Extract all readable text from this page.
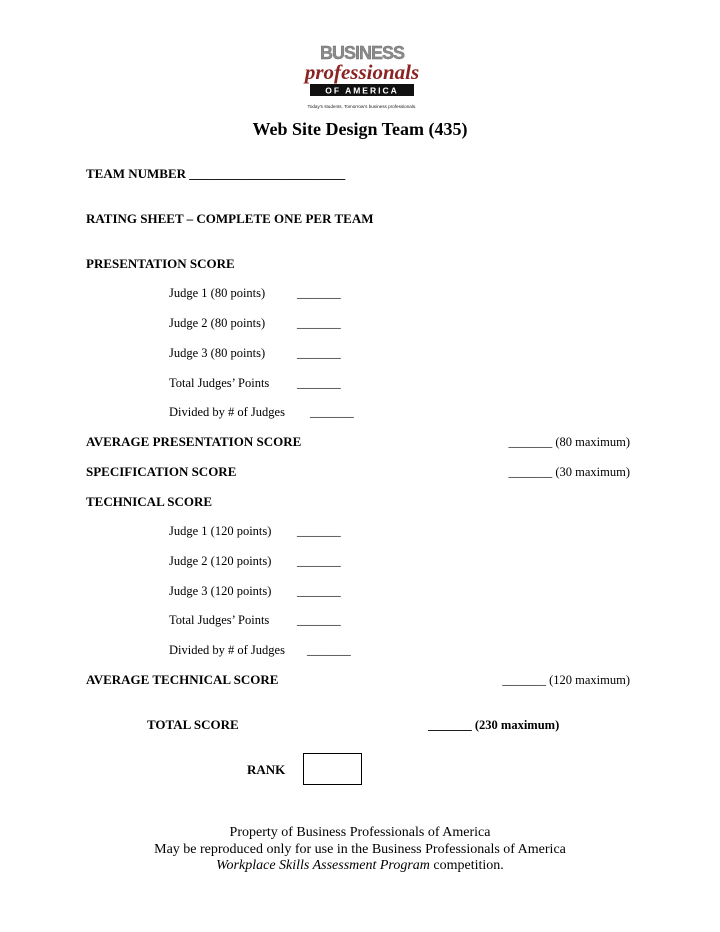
BUSINESS
professionals
OF AMERICA
Today's students. Tomorrow's business professionals.
Web Site Design Team (435)
TEAM NUMBER ________________________
RATING SHEET – COMPLETE ONE PER TEAM
PRESENTATION SCORE
Judge 1 (80 points)	_______
Judge 2 (80 points)	_______
Judge 3 (80 points)	_______
Total Judges’ Points _______
Divided by # of Judges _______
AVERAGE PRESENTATION SCORE	_______ (80 maximum)
SPECIFICATION SCORE	_______ (30 maximum)
TECHNICAL SCORE
Judge 1 (120 points) _______
Judge 2 (120 points) _______
Judge 3 (120 points) _______
Total Judges’ Points _______
Divided by # of Judges _______
AVERAGE TECHNICAL SCORE	_______ (120 maximum)
TOTAL SCORE	_______ (230 maximum)
RANK
Property of Business Professionals of America
May be reproduced only for use in the Business Professionals of America
Workplace Skills Assessment Program competition.
